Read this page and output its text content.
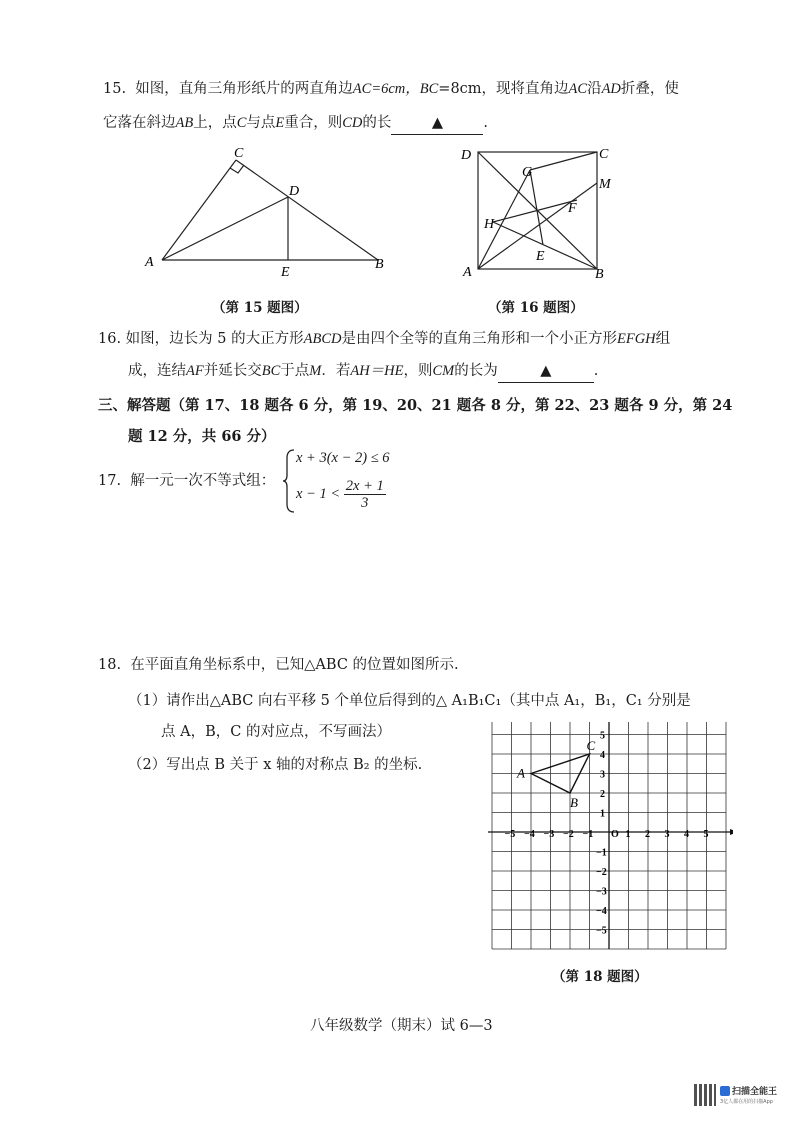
15. 如图，直角三角形纸片的两直角边AC=6cm，BC=8cm，现将直角边AC沿AD折叠，使
它落在斜边AB上，点C与点E重合，则CD的长	▲	.
C
D
A
E
B
（第 15 题图）
D	C
G
M
F
H
E
A	B
（第 16 题图）
16. 如图，边长为 5 的大正方形ABCD是由四个全等的直角三角形和一个小正方形EFGH组
成，连结AF并延长交BC于点M．若AH＝HE，则CM的长为	▲	.
三、解答题（第 17、18 题各 6 分，第 19、20、21 题各 8 分，第 22、23 题各 9 分，第 24
题 12 分，共 66 分）
17. 解一元一次不等式组：
x + 3(x − 2) ≤ 6
$x - 1 < \frac{2x + 1}{3}$
18. 在平面直角坐标系中，已知△ABC 的位置如图所示.
（1）请作出△ABC 向右平移 5 个单位后得到的△ A₁B₁C₁（其中点 A₁，B₁，C₁ 分别是
点 A，B，C 的对应点，不写画法）
（2）写出点 B 关于 x 轴的对称点 B₂ 的坐标.
−5 −4 −3 −2 −1 O 1 2 3 4 5
5
4
3
2
1
−1
−2
−3
−4
−5
A
B
C
（第 18 题图）
八年级数学（期末）试 6—3
扫描全能王
3亿人都在用的扫描App
